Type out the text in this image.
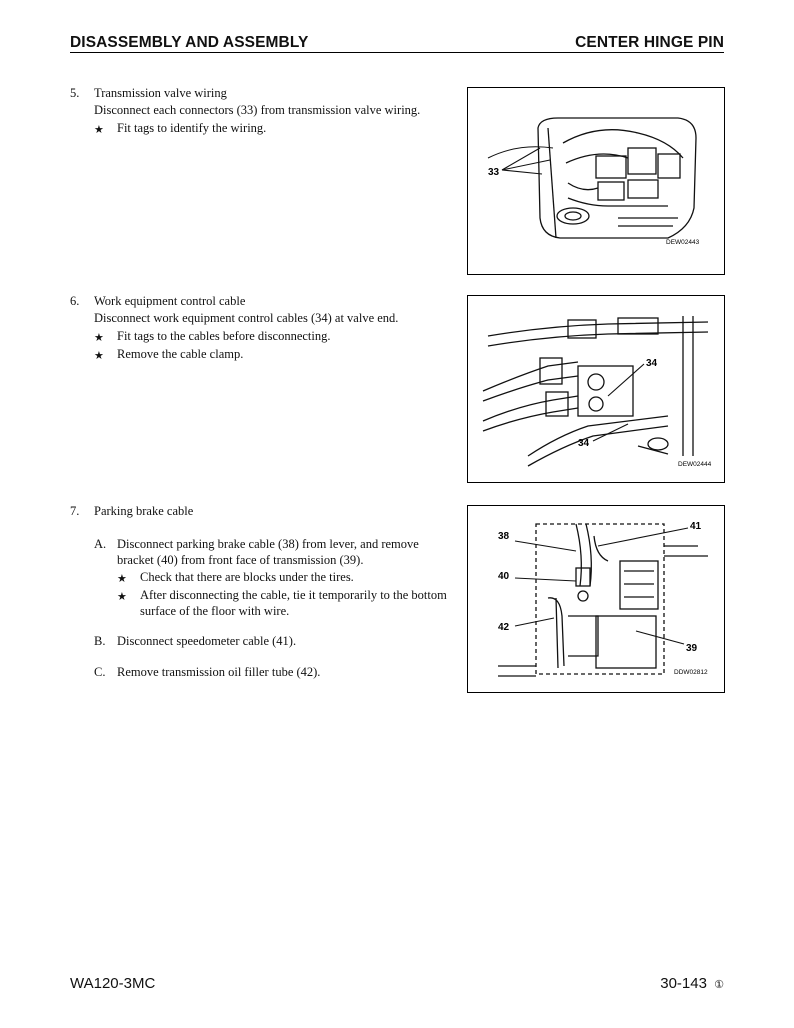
DISASSEMBLY AND ASSEMBLY	CENTER HINGE PIN
5. Transmission valve wiring
Disconnect each connectors (33) from transmission valve wiring.
★ Fit tags to identify the wiring.
6. Work equipment control cable
Disconnect work equipment control cables (34) at valve end.
★ Fit tags to the cables before disconnecting.
★ Remove the cable clamp.
7. Parking brake cable
A. Disconnect parking brake cable (38) from lever, and remove
bracket (40) from front face of transmission (39).
★ Check that there are blocks under the tires.
★ After disconnecting the cable, tie it temporarily to the bottom
surface of the floor with wire.
B. Disconnect speedometer cable (41).
C. Remove transmission oil filler tube (42).
33
DEW02443
34
34
DEW02444
38
41
40
42
39
DDW02812
WA120-3MC	30-143 ①
